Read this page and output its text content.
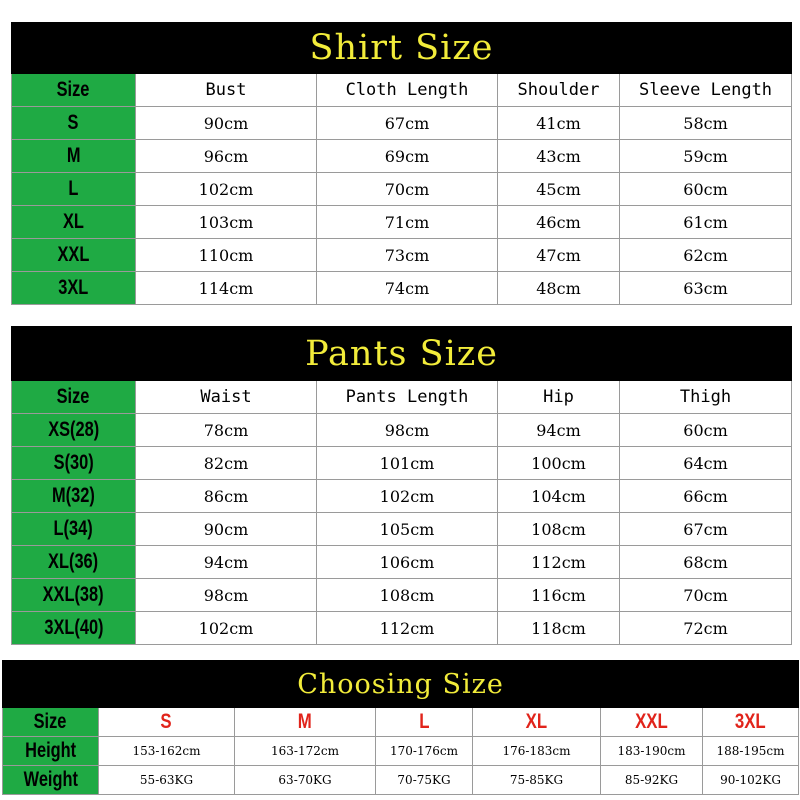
Shirt Size				
Size	Bust	Cloth Length	Shoulder	Sleeve Length
S	90cm	67cm	41cm	58cm
M	96cm	69cm	43cm	59cm
L	102cm	70cm	45cm	60cm
XL	103cm	71cm	46cm	61cm
XXL	110cm	73cm	47cm	62cm
3XL	114cm	74cm	48cm	63cm
Pants Size				
Size	Waist	Pants Length	Hip	Thigh
XS(28)	78cm	98cm	94cm	60cm
S(30)	82cm	101cm	100cm	64cm
M(32)	86cm	102cm	104cm	66cm
L(34)	90cm	105cm	108cm	67cm
XL(36)	94cm	106cm	112cm	68cm
XXL(38)	98cm	108cm	116cm	70cm
3XL(40)	102cm	112cm	118cm	72cm
Choosing Size						
Size	S	M	L	XL	XXL	3XL
Height	153-162cm	163-172cm	170-176cm	176-183cm	183-190cm	188-195cm
Weight	55-63KG	63-70KG	70-75KG	75-85KG	85-92KG	90-102KG
